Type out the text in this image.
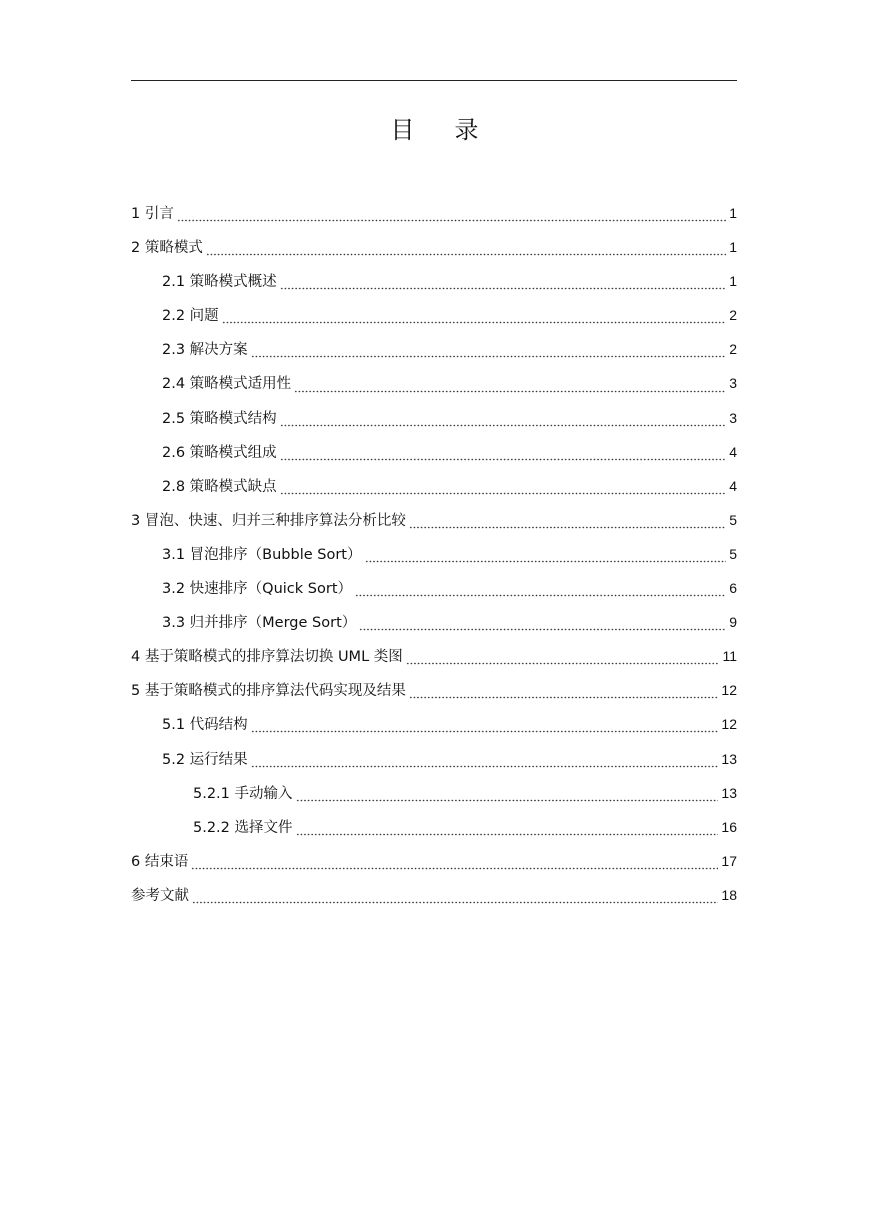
目 录
1 引言	1
2 策略模式	1
2.1 策略模式概述	1
2.2 问题	2
2.3 解决方案	2
2.4 策略模式适用性	3
2.5 策略模式结构	3
2.6 策略模式组成	4
2.8 策略模式缺点	4
3 冒泡、快速、归并三种排序算法分析比较	5
3.1 冒泡排序（Bubble Sort）	5
3.2 快速排序（Quick Sort）	6
3.3 归并排序（Merge Sort）	9
4 基于策略模式的排序算法切换 UML 类图	11
5 基于策略模式的排序算法代码实现及结果	12
5.1 代码结构	12
5.2 运行结果	13
5.2.1 手动输入	13
5.2.2 选择文件	16
6 结束语	17
参考文献	18
